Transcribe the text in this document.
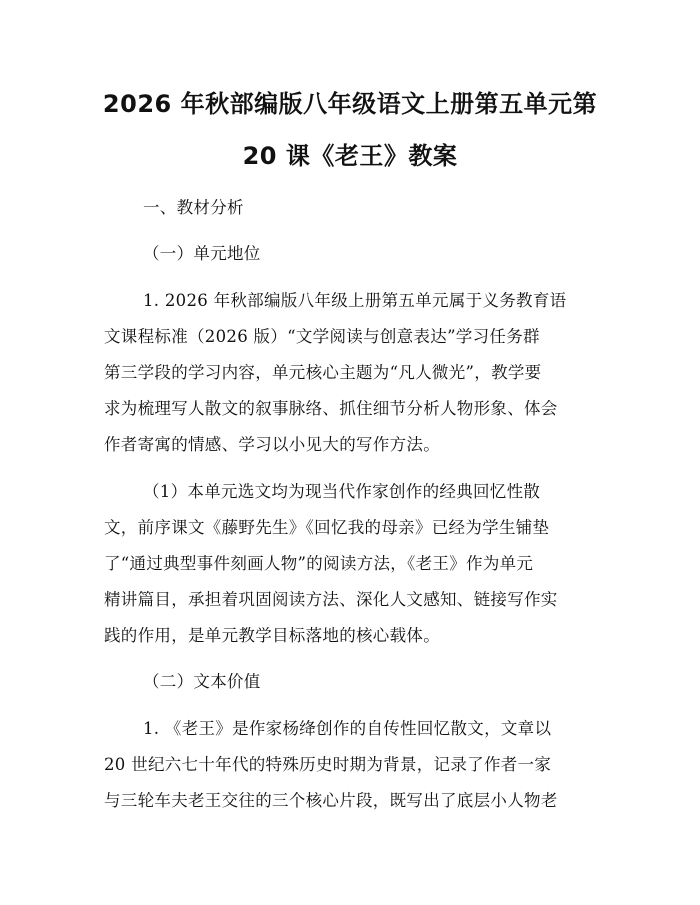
2026 年秋部编版八年级语文上册第五单元第
20 课《老王》教案
一、教材分析
（一）单元地位
1. 2026 年秋部编版八年级上册第五单元属于义务教育语
文课程标准（2026 版）“文学阅读与创意表达”学习任务群
第三学段的学习内容，单元核心主题为“凡人微光”，教学要
求为梳理写人散文的叙事脉络、抓住细节分析人物形象、体会
作者寄寓的情感、学习以小见大的写作方法。
（1）本单元选文均为现当代作家创作的经典回忆性散
文，前序课文《藤野先生》《回忆我的母亲》已经为学生铺垫
了“通过典型事件刻画人物”的阅读方法，《老王》作为单元
精讲篇目，承担着巩固阅读方法、深化人文感知、链接写作实
践的作用，是单元教学目标落地的核心载体。
（二）文本价值
1. 《老王》是作家杨绛创作的自传性回忆散文，文章以
20 世纪六七十年代的特殊历史时期为背景，记录了作者一家
与三轮车夫老王交往的三个核心片段，既写出了底层小人物老
